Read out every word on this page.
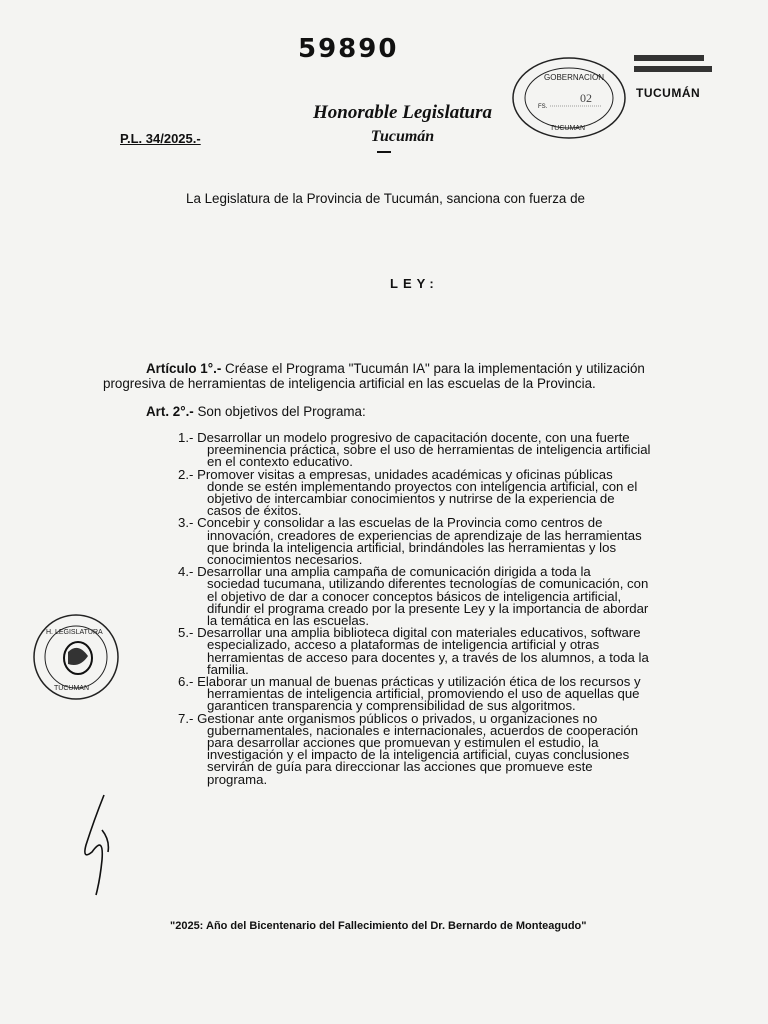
59890
TUCUMÁN
GOBERNACION
FS.
02
TUCUMAN
Honorable Legislatura
Tucumán
P.L. 34/2025.-
La Legislatura de la Provincia de Tucumán, sanciona con fuerza de
LEY:
Artículo 1°.- Créase el Programa "Tucumán IA" para la implementación y utilización
progresiva de herramientas de inteligencia artificial en las escuelas de la Provincia.
Art. 2°.- Son objetivos del Programa:
1.- Desarrollar un modelo progresivo de capacitación docente, con una fuerte
preeminencia práctica, sobre el uso de herramientas de inteligencia artificial
en el contexto educativo.
2.- Promover visitas a empresas, unidades académicas y oficinas públicas
donde se estén implementando proyectos con inteligencia artificial, con el
objetivo de intercambiar conocimientos y nutrirse de la experiencia de
casos de éxitos.
3.- Concebir y consolidar a las escuelas de la Provincia como centros de
innovación, creadores de experiencias de aprendizaje de las herramientas
que brinda la inteligencia artificial, brindándoles las herramientas y los
conocimientos necesarios.
4.- Desarrollar una amplia campaña de comunicación dirigida a toda la
sociedad tucumana, utilizando diferentes tecnologías de comunicación, con
el objetivo de dar a conocer conceptos básicos de inteligencia artificial,
difundir el programa creado por la presente Ley y la importancia de abordar
la temática en las escuelas.
5.- Desarrollar una amplia biblioteca digital con materiales educativos, software
especializado, acceso a plataformas de inteligencia artificial y otras
herramientas de acceso para docentes y, a través de los alumnos, a toda la
familia.
6.- Elaborar un manual de buenas prácticas y utilización ética de los recursos y
herramientas de inteligencia artificial, promoviendo el uso de aquellas que
garanticen transparencia y comprensibilidad de sus algoritmos.
7.- Gestionar ante organismos públicos o privados, u organizaciones no
gubernamentales, nacionales e internacionales, acuerdos de cooperación
para desarrollar acciones que promuevan y estimulen el estudio, la
investigación y el impacto de la inteligencia artificial, cuyas conclusiones
servirán de guía para direccionar las acciones que promueve este
programa.
H. LEGISLATURA
TUCUMAN
"2025: Año del Bicentenario del Fallecimiento del Dr. Bernardo de Monteagudo"
